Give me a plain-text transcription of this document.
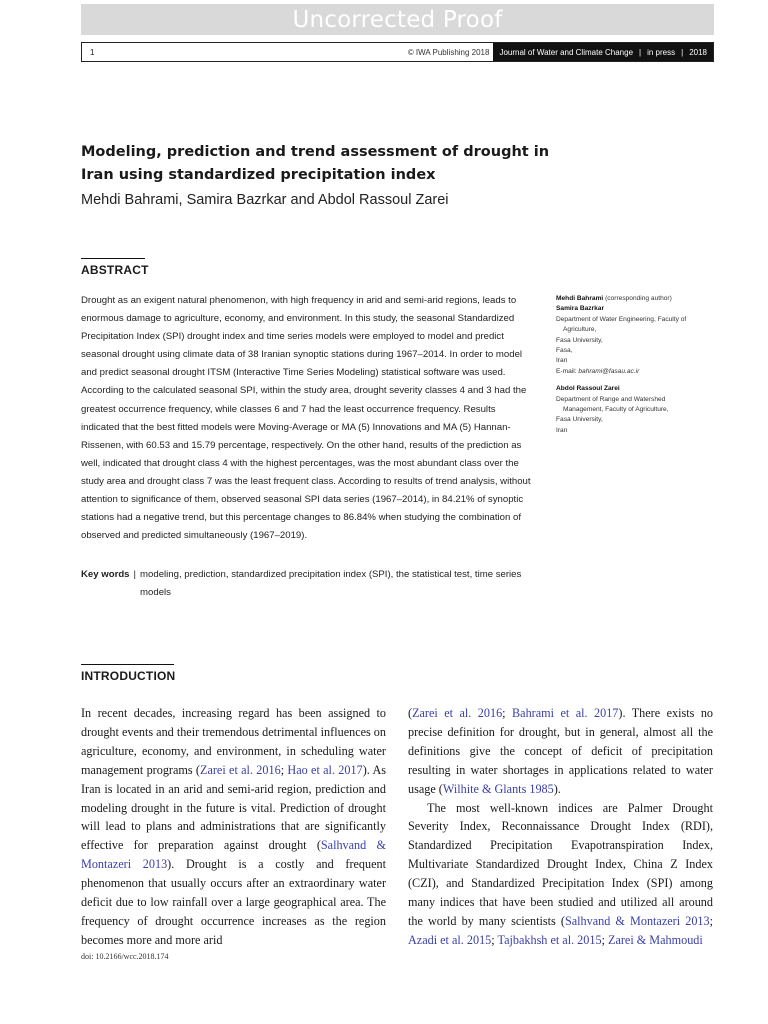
Uncorrected Proof
1	© IWA Publishing 2018	Journal of Water and Climate Change | in press | 2018
Modeling, prediction and trend assessment of drought in
Iran using standardized precipitation index
Mehdi Bahrami, Samira Bazrkar and Abdol Rassoul Zarei
ABSTRACT
Drought as an exigent natural phenomenon, with high frequency in arid and semi-arid regions, leads to enormous damage to agriculture, economy, and environment. In this study, the seasonal Standardized Precipitation Index (SPI) drought index and time series models were employed to model and predict seasonal drought using climate data of 38 Iranian synoptic stations during 1967–2014. In order to model and predict seasonal drought ITSM (Interactive Time Series Modeling) statistical software was used. According to the calculated seasonal SPI, within the study area, drought severity classes 4 and 3 had the greatest occurrence frequency, while classes 6 and 7 had the least occurrence frequency. Results indicated that the best fitted models were Moving-Average or MA (5) Innovations and MA (5) Hannan-Rissenen, with 60.53 and 15.79 percentage, respectively. On the other hand, results of the prediction as well, indicated that drought class 4 with the highest percentages, was the most abundant class over the study area and drought class 7 was the least frequent class. According to results of trend analysis, without attention to significance of them, observed seasonal SPI data series (1967–2014), in 84.21% of synoptic stations had a negative trend, but this percentage changes to 86.84% when studying the combination of observed and predicted simultaneously (1967–2019).
Key words | modeling, prediction, standardized precipitation index (SPI), the statistical test, time series models
Mehdi Bahrami (corresponding author)
Samira Bazrkar
Department of Water Engineering, Faculty of
Agriculture,
Fasa University,
Fasa,
Iran
E-mail: bahrami@fasau.ac.ir
Abdol Rassoul Zarei
Department of Range and Watershed
Management, Faculty of Agriculture,
Fasa University,
Iran
INTRODUCTION

In recent decades, increasing regard has been assigned to drought events and their tremendous detrimental influences on agriculture, economy, and environment, in scheduling water management programs (Zarei et al. 2016; Hao et al. 2017). As Iran is located in an arid and semi-arid region, prediction and modeling drought in the future is vital. Prediction of drought will lead to plans and administrations that are significantly effective for preparation against drought (Salhvand & Montazeri 2013). Drought is a costly and frequent phenomenon that usually occurs after an extraordinary water deficit due to low rainfall over a large geographical area. The frequency of drought occurrence increases as the region becomes more and more arid

(Zarei et al. 2016; Bahrami et al. 2017). There exists no precise definition for drought, but in general, almost all the definitions give the concept of deficit of precipitation resulting in water shortages in applications related to water usage (Wilhite & Glants 1985).

The most well-known indices are Palmer Drought Severity Index, Reconnaissance Drought Index (RDI), Standardized Precipitation Evapotranspiration Index, Multivariate Standardized Drought Index, China Z Index (CZI), and Standardized Precipitation Index (SPI) among many indices that have been studied and utilized all around the world by many scientists (Salhvand & Montazeri 2013; Azadi et al. 2015; Tajbakhsh et al. 2015; Zarei & Mahmoudi

doi: 10.2166/wcc.2018.174
